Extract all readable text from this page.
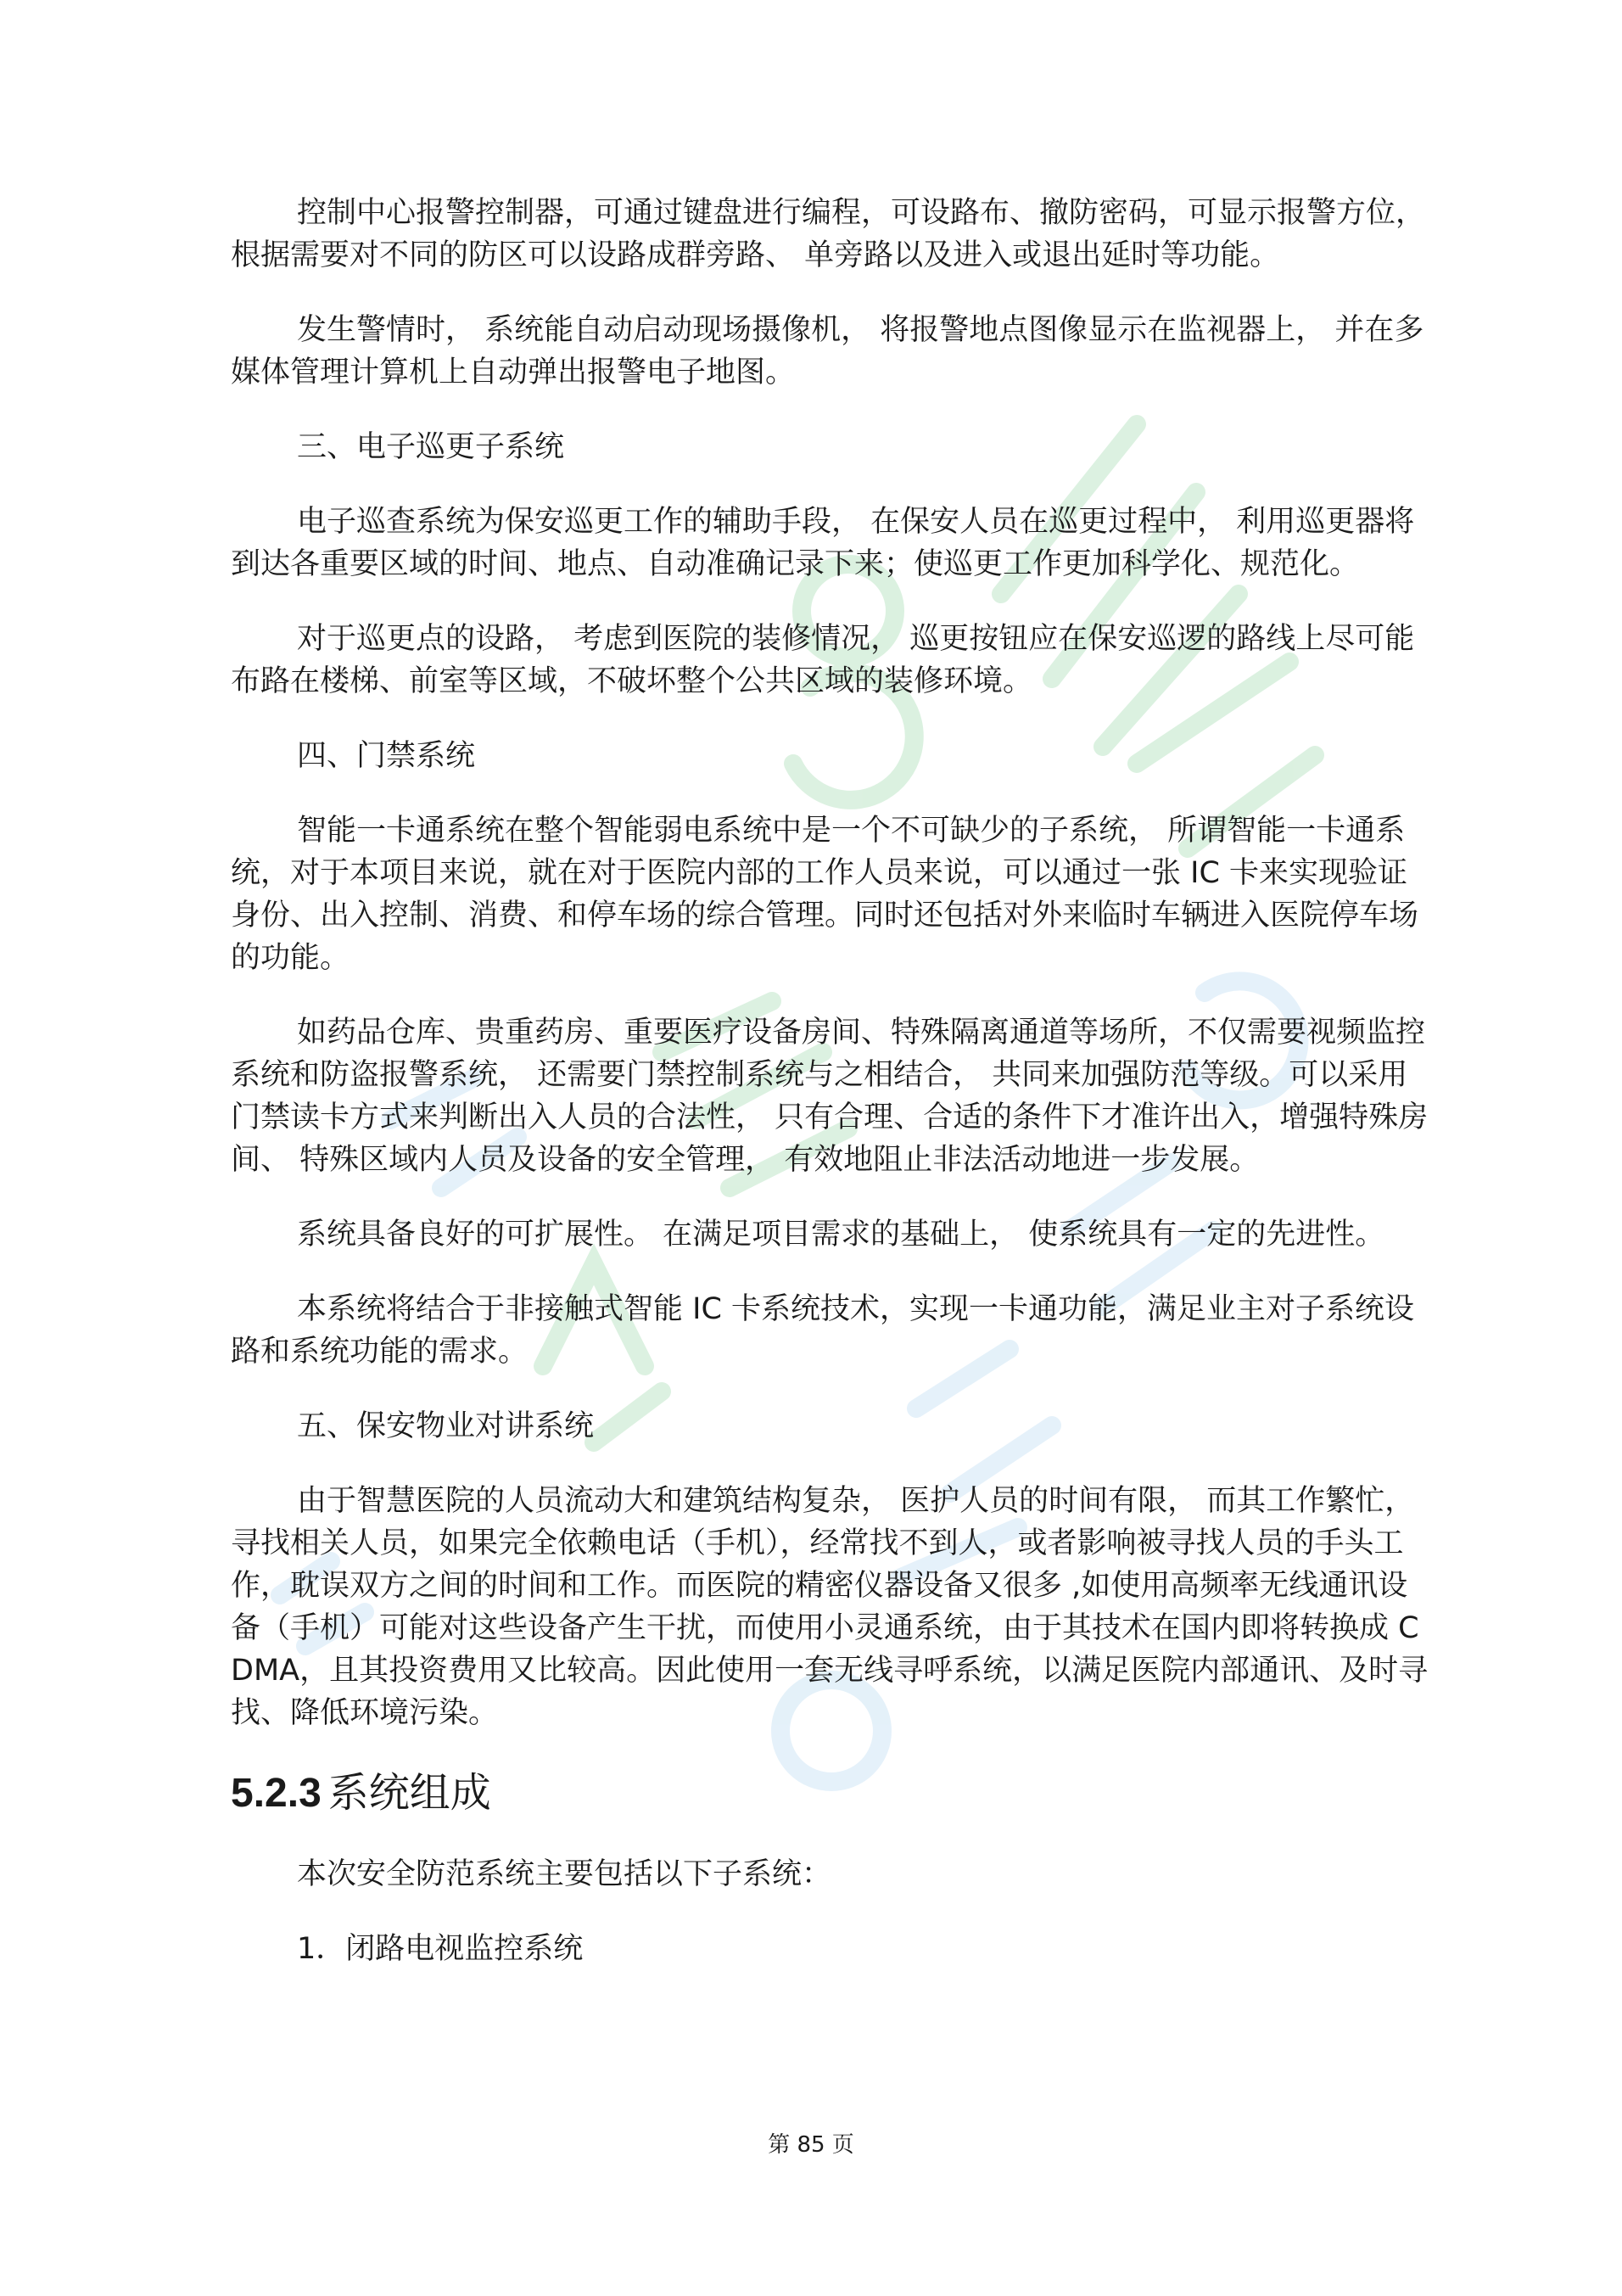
控制中心报警控制器，可通过键盘进行编程，可设路布、撤防密码，可显示报警方位，根据需要对不同的防区可以设路成群旁路、 单旁路以及进入或退出延时等功能。

发生警情时， 系统能自动启动现场摄像机， 将报警地点图像显示在监视器上， 并在多媒体管理计算机上自动弹出报警电子地图。

三、电子巡更子系统

电子巡查系统为保安巡更工作的辅助手段， 在保安人员在巡更过程中， 利用巡更器将到达各重要区域的时间、地点、自动准确记录下来；使巡更工作更加科学化、规范化。

对于巡更点的设路， 考虑到医院的装修情况， 巡更按钮应在保安巡逻的路线上尽可能布路在楼梯、前室等区域，不破坏整个公共区域的装修环境。

四、门禁系统

智能一卡通系统在整个智能弱电系统中是一个不可缺少的子系统， 所谓智能一卡通系统，对于本项目来说，就在对于医院内部的工作人员来说，可以通过一张 IC 卡来实现验证身份、出入控制、消费、和停车场的综合管理。同时还包括对外来临时车辆进入医院停车场的功能。

如药品仓库、贵重药房、重要医疗设备房间、特殊隔离通道等场所，不仅需要视频监控系统和防盗报警系统， 还需要门禁控制系统与之相结合， 共同来加强防范等级。可以采用门禁读卡方式来判断出入人员的合法性， 只有合理、合适的条件下才准许出入，增强特殊房间、 特殊区域内人员及设备的安全管理， 有效地阻止非法活动地进一步发展。

系统具备良好的可扩展性。 在满足项目需求的基础上， 使系统具有一定的先进性。

本系统将结合于非接触式智能 IC 卡系统技术，实现一卡通功能，满足业主对子系统设路和系统功能的需求。

五、保安物业对讲系统

由于智慧医院的人员流动大和建筑结构复杂， 医护人员的时间有限， 而其工作繁忙，寻找相关人员，如果完全依赖电话（手机），经常找不到人，或者影响被寻找人员的手头工作，耽误双方之间的时间和工作。而医院的精密仪器设备又很多 ,如使用高频率无线通讯设备（手机）可能对这些设备产生干扰，而使用小灵通系统，由于其技术在国内即将转换成 CDMA，且其投资费用又比较高。因此使用一套无线寻呼系统，以满足医院内部通讯、及时寻找、降低环境污染。

5.2.3 系统组成

本次安全防范系统主要包括以下子系统：

1．闭路电视监控系统

第 85 页
